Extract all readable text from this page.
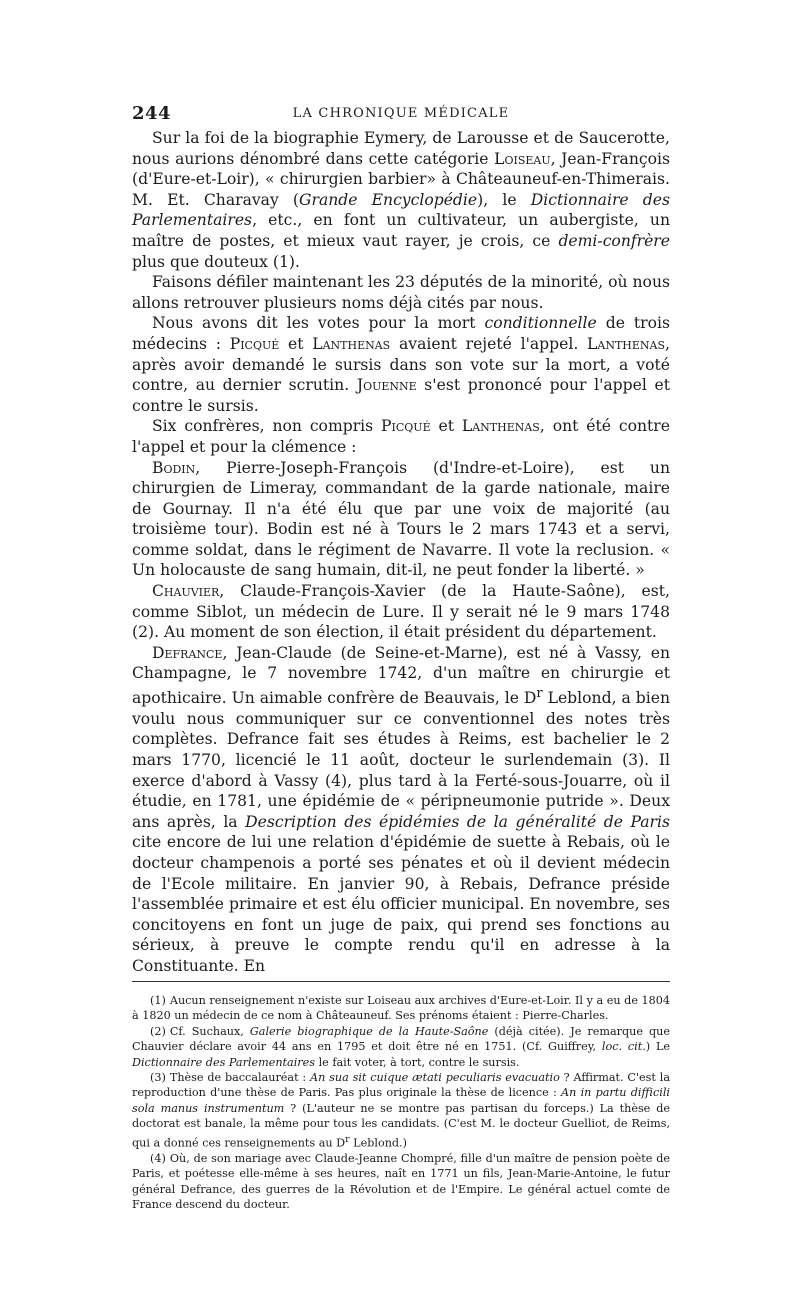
244	LA CHRONIQUE MÉDICALE

Sur la foi de la biographie Eymery, de Larousse et de Saucerotte, nous aurions dénombré dans cette catégorie Loiseau, Jean-François (d'Eure-et-Loir), « chirurgien barbier» à Châteauneuf-en-Thimerais. M. Et. Charavay (Grande Encyclopédie), le Dictionnaire des Parlementaires, etc., en font un cultivateur, un aubergiste, un maître de postes, et mieux vaut rayer, je crois, ce demi-confrère plus que douteux (1).

Faisons défiler maintenant les 23 députés de la minorité, où nous allons retrouver plusieurs noms déjà cités par nous.

Nous avons dit les votes pour la mort conditionnelle de trois médecins : Picqué et Lanthenas avaient rejeté l'appel. Lanthenas, après avoir demandé le sursis dans son vote sur la mort, a voté contre, au dernier scrutin. Jouenne s'est prononcé pour l'appel et contre le sursis.

Six confrères, non compris Picqué et Lanthenas, ont été contre l'appel et pour la clémence :

Bodin, Pierre-Joseph-François (d'Indre-et-Loire), est un chirurgien de Limeray, commandant de la garde nationale, maire de Gournay. Il n'a été élu que par une voix de majorité (au troisième tour). Bodin est né à Tours le 2 mars 1743 et a servi, comme soldat, dans le régiment de Navarre. Il vote la reclusion. « Un holocauste de sang humain, dit-il, ne peut fonder la liberté. »

Chauvier, Claude-François-Xavier (de la Haute-Saône), est, comme Siblot, un médecin de Lure. Il y serait né le 9 mars 1748 (2). Au moment de son élection, il était président du département.

Defrance, Jean-Claude (de Seine-et-Marne), est né à Vassy, en Champagne, le 7 novembre 1742, d'un maître en chirurgie et apothicaire. Un aimable confrère de Beauvais, le $D^r$ Leblond, a bien voulu nous communiquer sur ce conventionnel des notes très complètes. Defrance fait ses études à Reims, est bachelier le 2 mars 1770, licencié le 11 août, docteur le surlendemain (3). Il exerce d'abord à Vassy (4), plus tard à la Ferté-sous-Jouarre, où il étudie, en 1781, une épidémie de « péripneumonie putride ». Deux ans après, la Description des épidémies de la généralité de Paris cite encore de lui une relation d'épidémie de suette à Rebais, où le docteur champenois a porté ses pénates et où il devient médecin de l'Ecole militaire. En janvier 90, à Rebais, Defrance préside l'assemblée primaire et est élu officier municipal. En novembre, ses concitoyens en font un juge de paix, qui prend ses fonctions au sérieux, à preuve le compte rendu qu'il en adresse à la Constituante. En

(1) Aucun renseignement n'existe sur Loiseau aux archives d'Eure-et-Loir. Il y a eu de 1804 à 1820 un médecin de ce nom à Châteauneuf. Ses prénoms étaient : Pierre-Charles.

(2) Cf. Suchaux, Galerie biographique de la Haute-Saône (déjà citée). Je remarque que Chauvier déclare avoir 44 ans en 1795 et doit être né en 1751. (Cf. Guiffrey, loc. cit.) Le Dictionnaire des Parlementaires le fait voter, à tort, contre le sursis.

(3) Thèse de baccalauréat : An sua sit cuique ætati peculiaris evacuatio ? Affirmat. C'est la reproduction d'une thèse de Paris. Pas plus originale la thèse de licence : An in partu difficili sola manus instrumentum ? (L'auteur ne se montre pas partisan du forceps.) La thèse de doctorat est banale, la même pour tous les candidats. (C'est M. le docteur Guelliot, de Reims, qui a donné ces renseignements au $D^r$ Leblond.)

(4) Où, de son mariage avec Claude-Jeanne Chompré, fille d'un maître de pension poète de Paris, et poétesse elle-même à ses heures, naît en 1771 un fils, Jean-Marie-Antoine, le futur général Defrance, des guerres de la Révolution et de l'Empire. Le général actuel comte de France descend du docteur.
